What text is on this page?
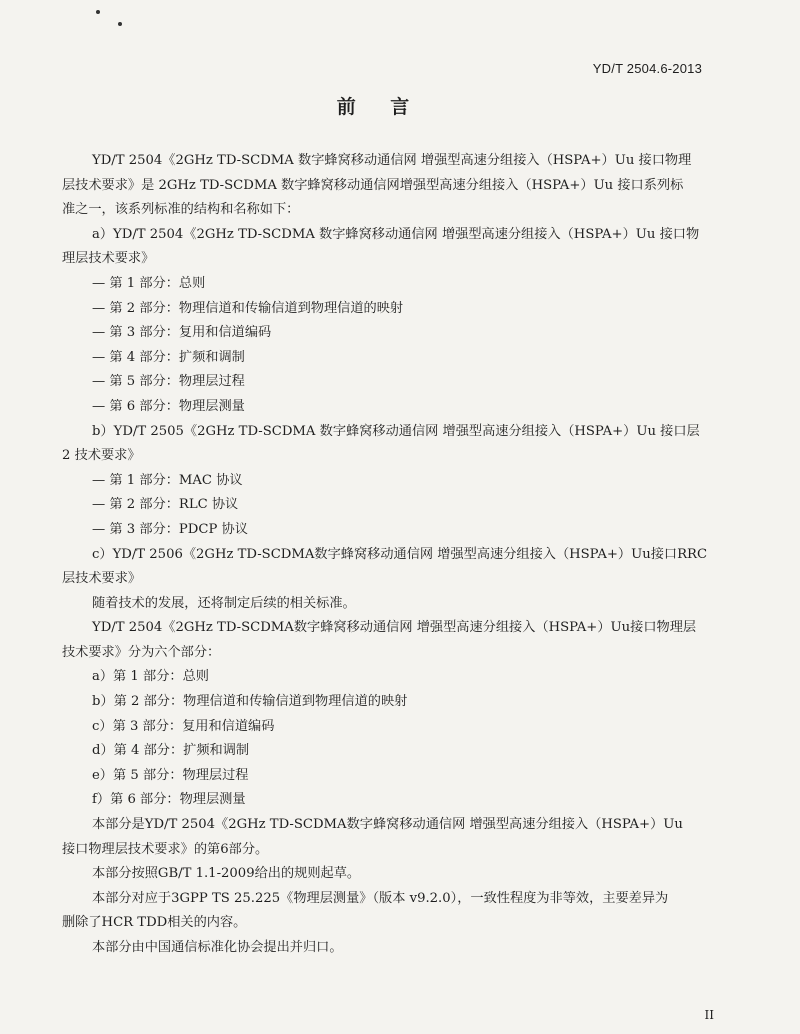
YD/T 2504.6-2013
前 言
YD/T 2504《2GHz TD-SCDMA 数字蜂窝移动通信网 增强型高速分组接入（HSPA+）Uu 接口物理
层技术要求》是 2GHz TD-SCDMA 数字蜂窝移动通信网增强型高速分组接入（HSPA+）Uu 接口系列标
准之一，该系列标准的结构和名称如下：
a）YD/T 2504《2GHz TD-SCDMA 数字蜂窝移动通信网 增强型高速分组接入（HSPA+）Uu 接口物
理层技术要求》
— 第 1 部分：总则
— 第 2 部分：物理信道和传输信道到物理信道的映射
— 第 3 部分：复用和信道编码
— 第 4 部分：扩频和调制
— 第 5 部分：物理层过程
— 第 6 部分：物理层测量
b）YD/T 2505《2GHz TD-SCDMA 数字蜂窝移动通信网 增强型高速分组接入（HSPA+）Uu 接口层
2 技术要求》
— 第 1 部分：MAC 协议
— 第 2 部分：RLC 协议
— 第 3 部分：PDCP 协议
c）YD/T 2506《2GHz TD-SCDMA数字蜂窝移动通信网 增强型高速分组接入（HSPA+）Uu接口RRC
层技术要求》
随着技术的发展，还将制定后续的相关标准。
YD/T 2504《2GHz TD-SCDMA数字蜂窝移动通信网 增强型高速分组接入（HSPA+）Uu接口物理层
技术要求》分为六个部分：
a）第 1 部分：总则
b）第 2 部分：物理信道和传输信道到物理信道的映射
c）第 3 部分：复用和信道编码
d）第 4 部分：扩频和调制
e）第 5 部分：物理层过程
f）第 6 部分：物理层测量
本部分是YD/T 2504《2GHz TD-SCDMA数字蜂窝移动通信网 增强型高速分组接入（HSPA+）Uu
接口物理层技术要求》的第6部分。
本部分按照GB/T 1.1-2009给出的规则起草。
本部分对应于3GPP TS 25.225《物理层测量》（版本 v9.2.0），一致性程度为非等效，主要差异为
删除了HCR TDD相关的内容。
本部分由中国通信标准化协会提出并归口。
II
